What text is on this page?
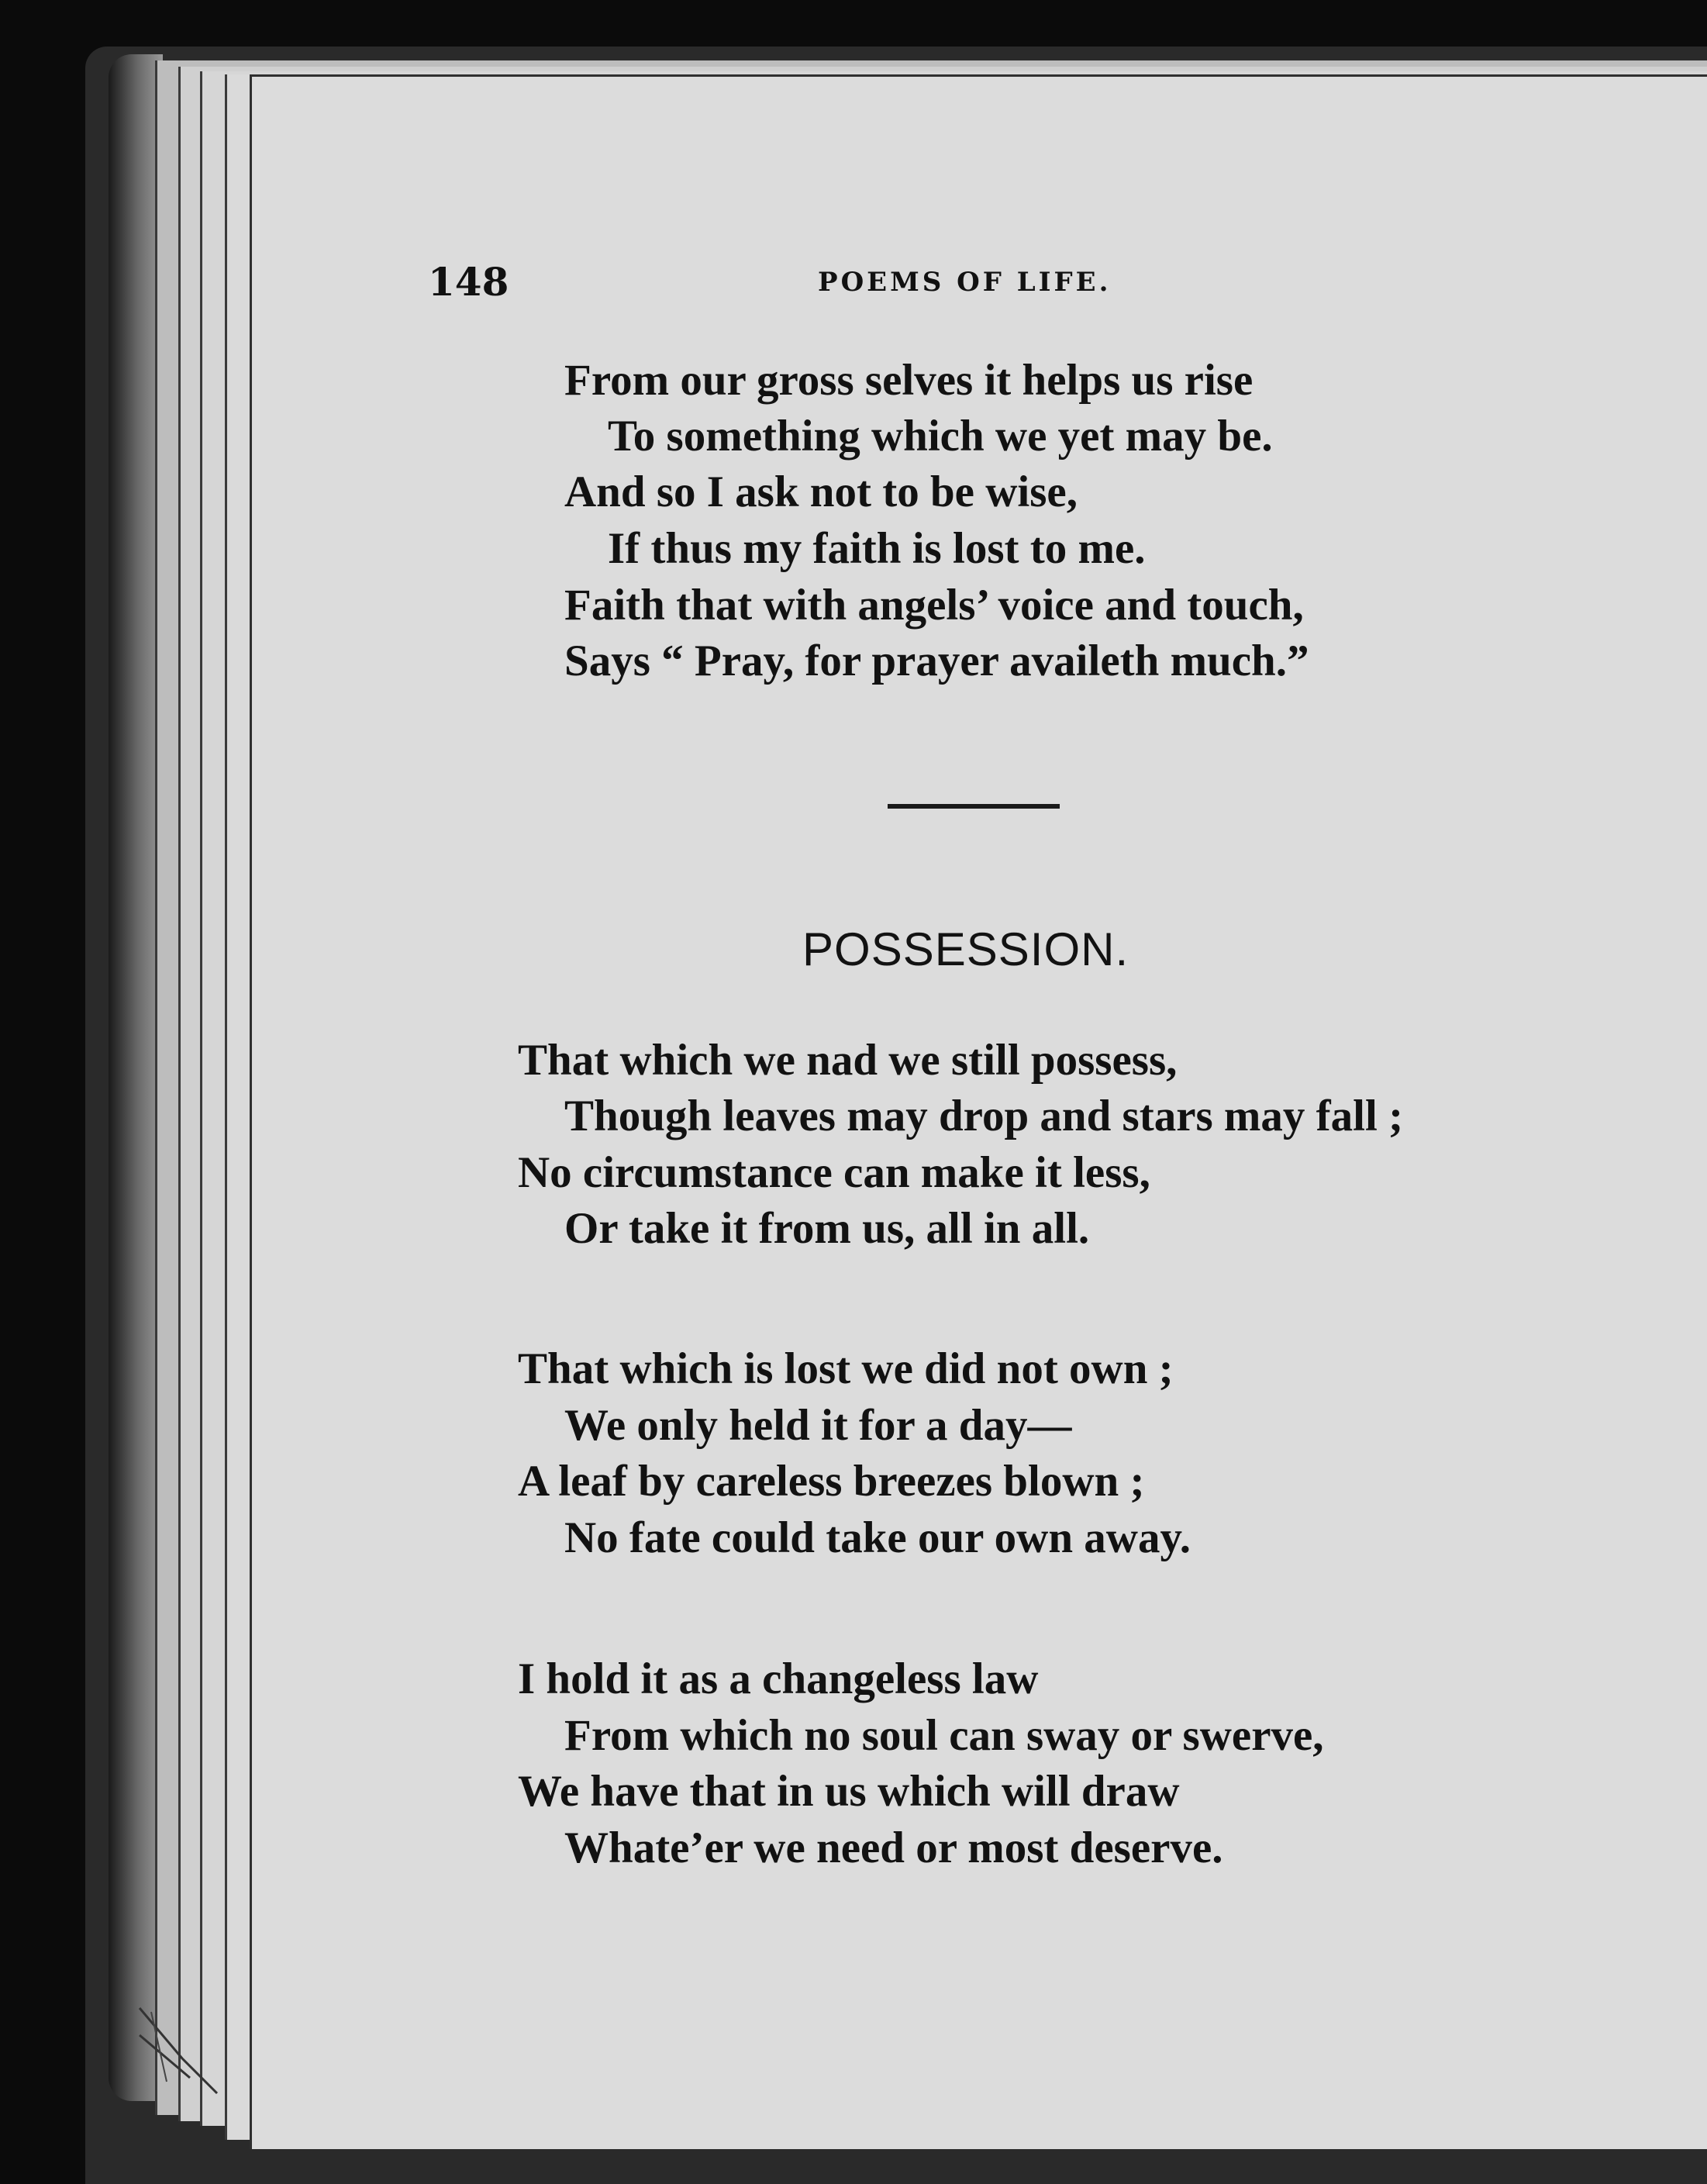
148	POEMS OF LIFE.
From our gross selves it helps us rise
To something which we yet may be.
And so I ask not to be wise,
If thus my faith is lost to me.
Faith that with angels’ voice and touch,
Says “ Pray, for prayer availeth much.”
POSSESSION.
That which we nad we still possess,
Though leaves may drop and stars may fall ;
No circumstance can make it less,
Or take it from us, all in all.
That which is lost we did not own ;
We only held it for a day—
A leaf by careless breezes blown ;
No fate could take our own away.
I hold it as a changeless law
From which no soul can sway or swerve,
We have that in us which will draw
Whate’er we need or most deserve.
